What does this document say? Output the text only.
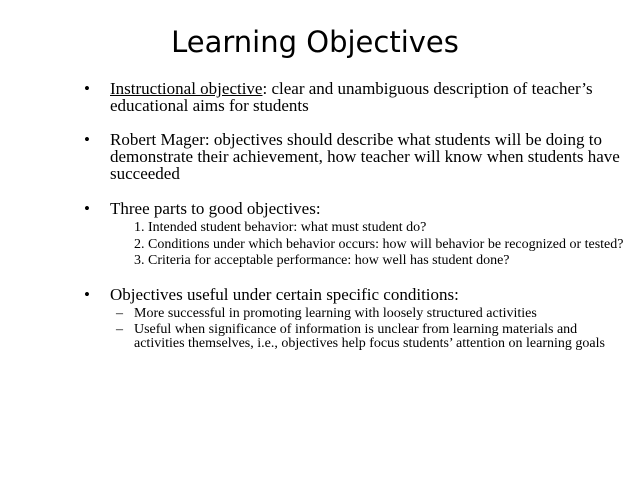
Learning Objectives
• Instructional objective: clear and unambiguous description of teacher’s educational aims for students
• Robert Mager: objectives should describe what students will be doing to demonstrate their achievement, how teacher will know when students have succeeded
• Three parts to good objectives:
1. Intended student behavior: what must student do?
2. Conditions under which behavior occurs: how will behavior be recognized or tested?
3. Criteria for acceptable performance: how well has student done?
• Objectives useful under certain specific conditions:
– More successful in promoting learning with loosely structured activities
– Useful when significance of information is unclear from learning materials and activities themselves, i.e., objectives help focus students’ attention on learning goals
